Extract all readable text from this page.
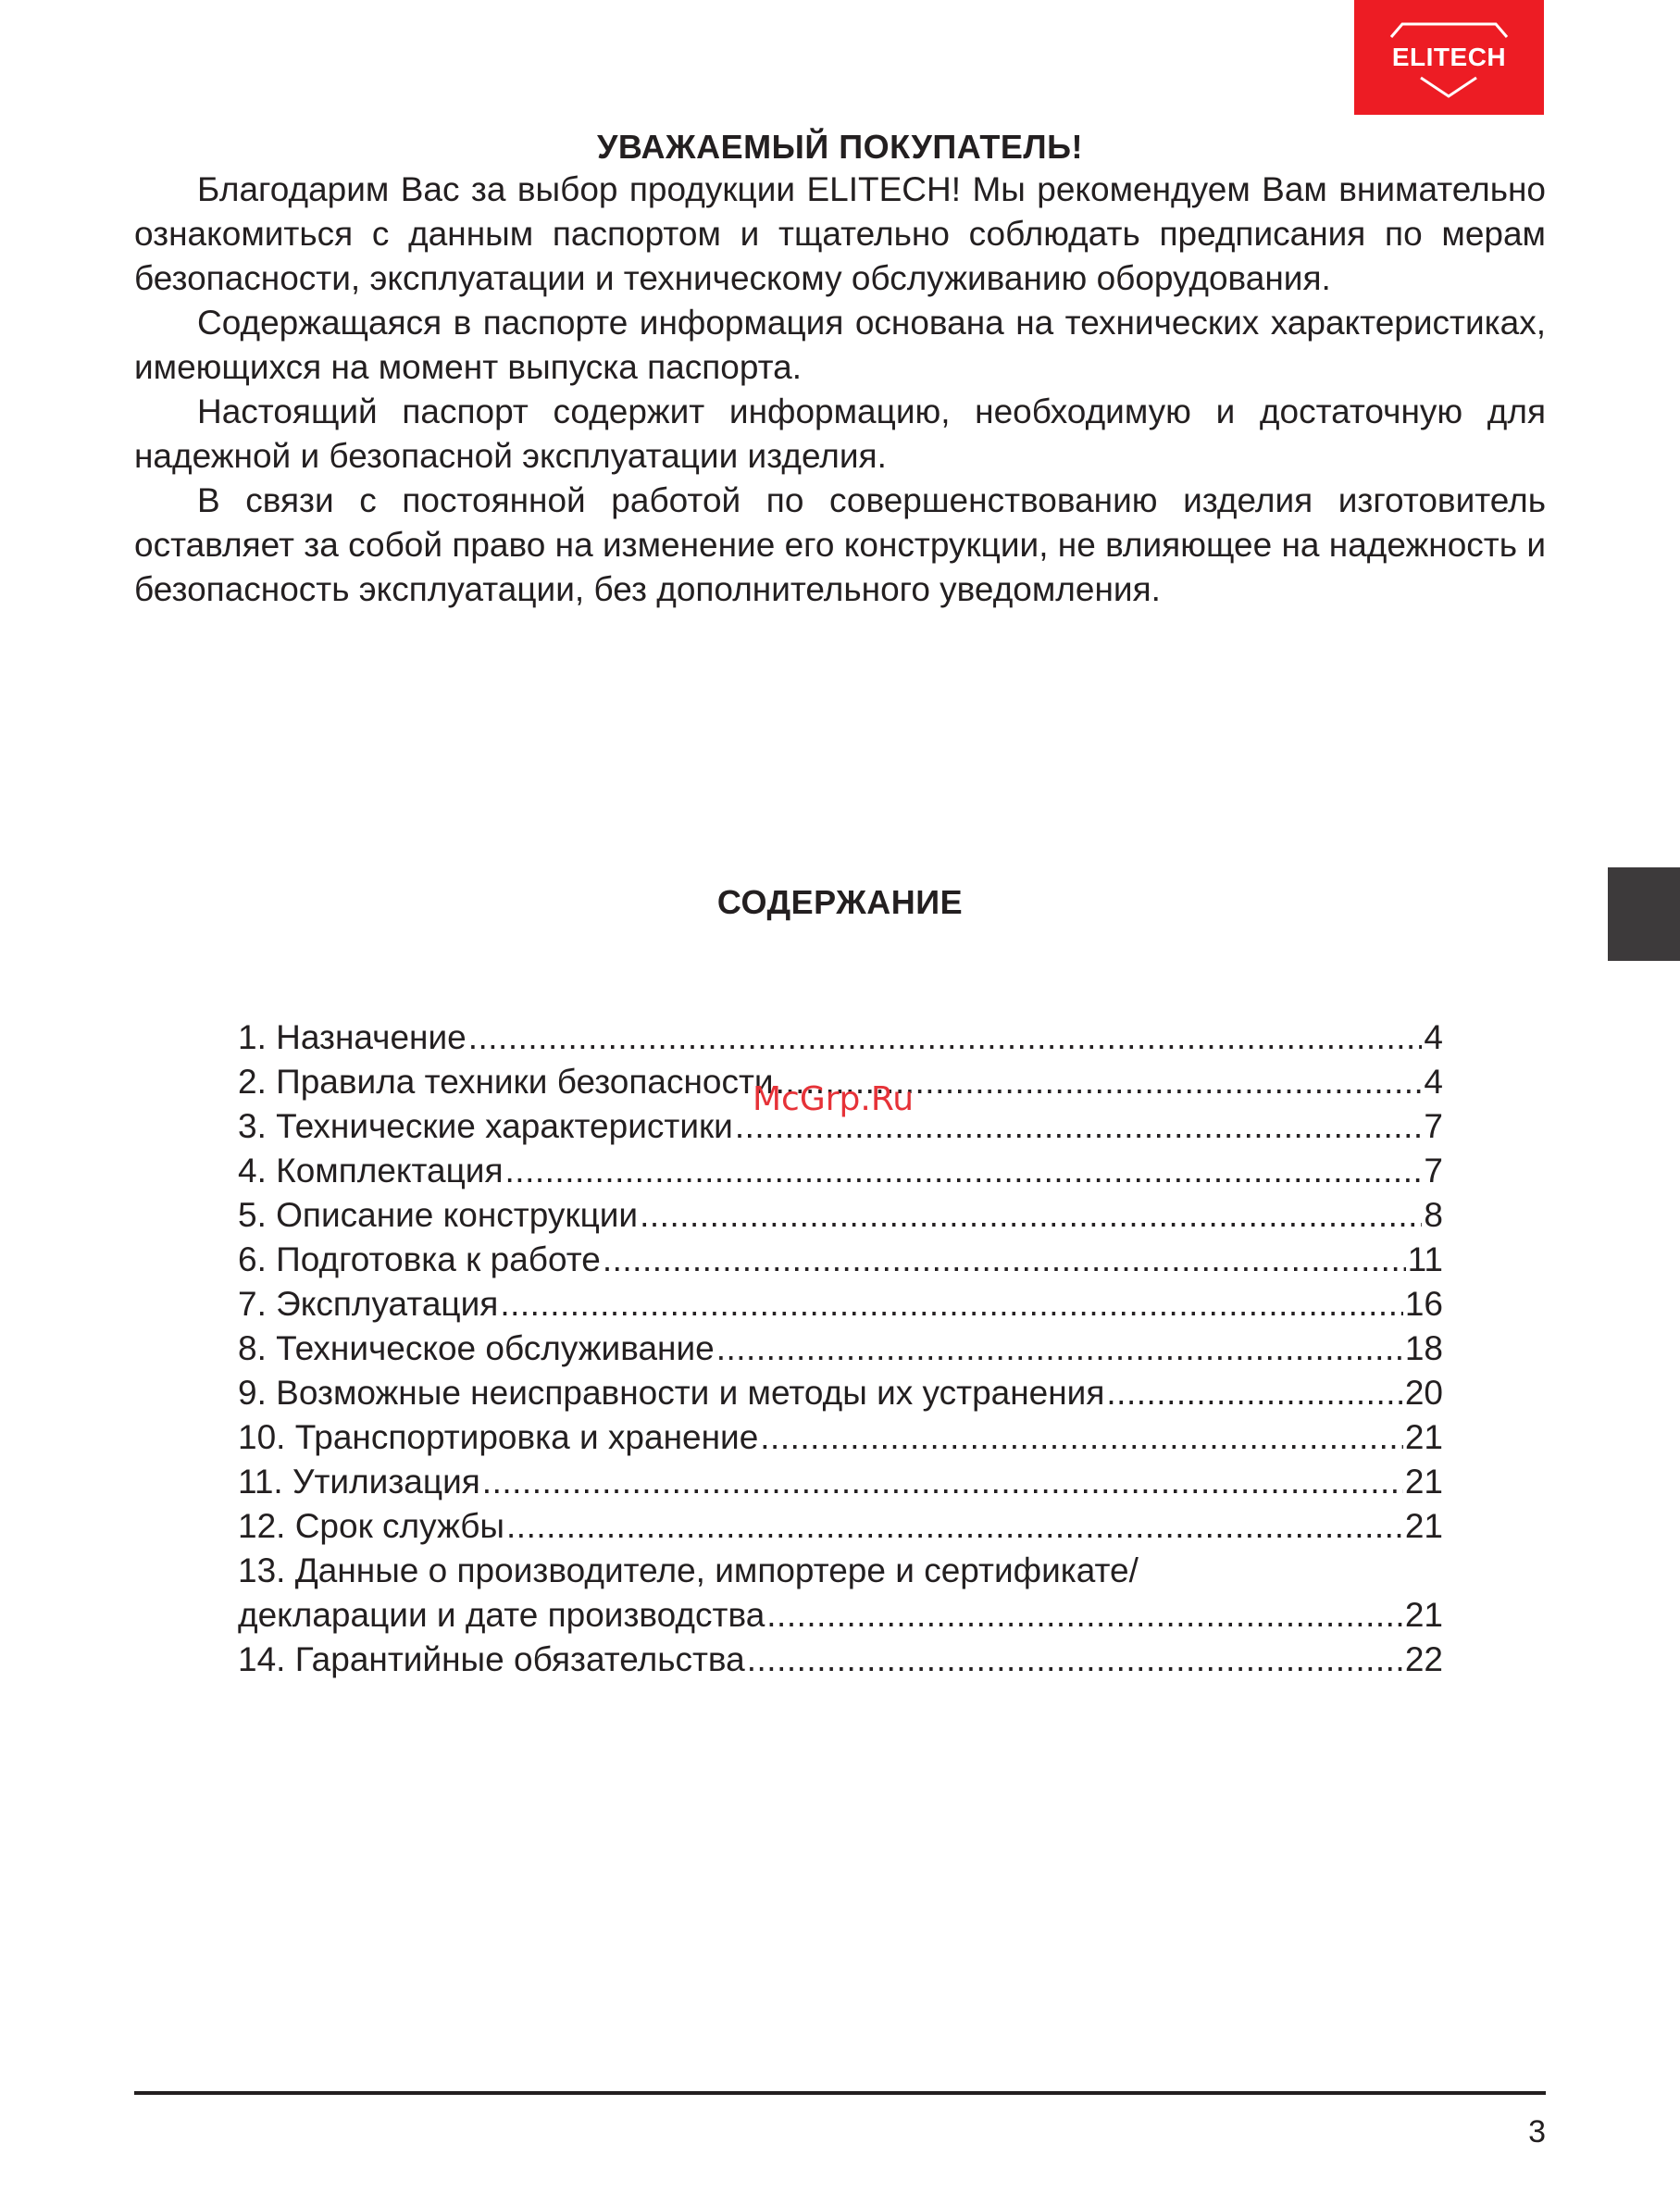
ELITECH
УВАЖАЕМЫЙ ПОКУПАТЕЛЬ!

Благодарим Вас за выбор продукции ELITECH! Мы рекомендуем Вам внимательно ознакомиться с данным паспортом и тщательно соблюдать предписания по мерам безопасности, эксплуатации и техническому обслуживанию оборудования.

Содержащаяся в паспорте информация основана на технических характеристиках, имеющихся на момент выпуска паспорта.

Настоящий паспорт содержит информацию, необходимую и достаточную для надежной и безопасной эксплуатации изделия.

В связи с постоянной работой по совершенствованию изделия изготовитель оставляет за собой право на изменение его конструкции, не влияющее на надежность и безопасность эксплуатации, без дополнительного уведомления.

СОДЕРЖАНИЕ
1. Назначение .....	4
2. Правила техники безопасности .....	4
3. Технические характеристики .....	7
4. Комплектация .....	7
5. Описание конструкции .....	8
6. Подготовка к работе .....	11
7. Эксплуатация .....	16
8. Техническое обслуживание .....	18
9. Возможные неисправности и методы их устранения .....	20
10. Транспортировка и хранение .....	21
11. Утилизация .....	21
12. Срок службы .....	21
13. Данные о производителе, импортере и сертификате/
декларации и дате производства .....	21
14. Гарантийные обязательства .....	22
McGrp.Ru
3
